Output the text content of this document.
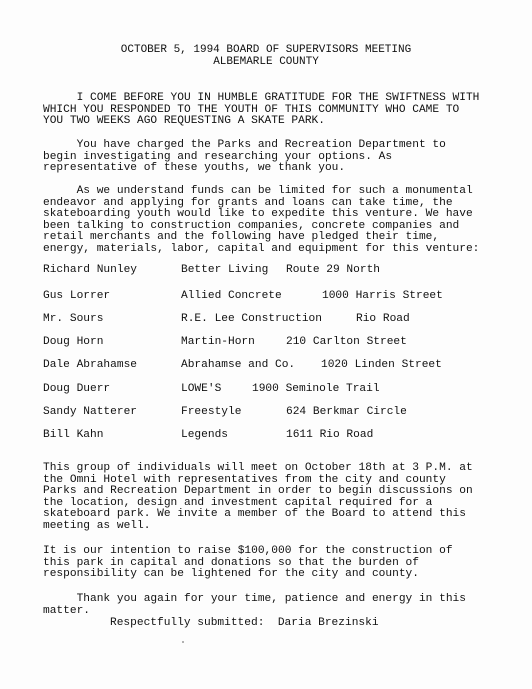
OCTOBER 5, 1994 BOARD OF SUPERVISORS MEETING
ALBEMARLE COUNTY
I COME BEFORE YOU IN HUMBLE GRATITUDE FOR THE SWIFTNESS WITH
WHICH YOU RESPONDED TO THE YOUTH OF THIS COMMUNITY WHO CAME TO
YOU TWO WEEKS AGO REQUESTING A SKATE PARK.
You have charged the Parks and Recreation Department to
begin investigating and researching your options. As
representative of these youths, we thank you.
As we understand funds can be limited for such a monumental
endeavor and applying for grants and loans can take time, the
skateboarding youth would like to expedite this venture. We have
been talking to construction companies, concrete companies and
retail merchants and the following have pledged their time,
energy, materials, labor, capital and equipment for this venture:
Richard Nunley	Better Living Route 29 North
Gus Lorrer	Allied Concrete	1000 Harris Street
Mr. Sours	R.E. Lee Construction	Rio Road
Doug Horn	Martin-Horn	210 Carlton Street
Dale Abrahamse	Abrahamse and Co. 1020 Linden Street
Doug Duerr	LOWE'S	1900 Seminole Trail
Sandy Natterer	Freestyle	624 Berkmar Circle
Bill Kahn	Legends	1611 Rio Road
This group of individuals will meet on October 18th at 3 P.M. at
the Omni Hotel with representatives from the city and county
Parks and Recreation Department in order to begin discussions on
the location, design and investment capital required for a
skateboard park. We invite a member of the Board to attend this
meeting as well.
It is our intention to raise $100,000 for the construction of
this park in capital and donations so that the burden of
responsibility can be lightened for the city and county.
Thank you again for your time, patience and energy in this
matter.
Respectfully submitted:  Daria Brezinski
